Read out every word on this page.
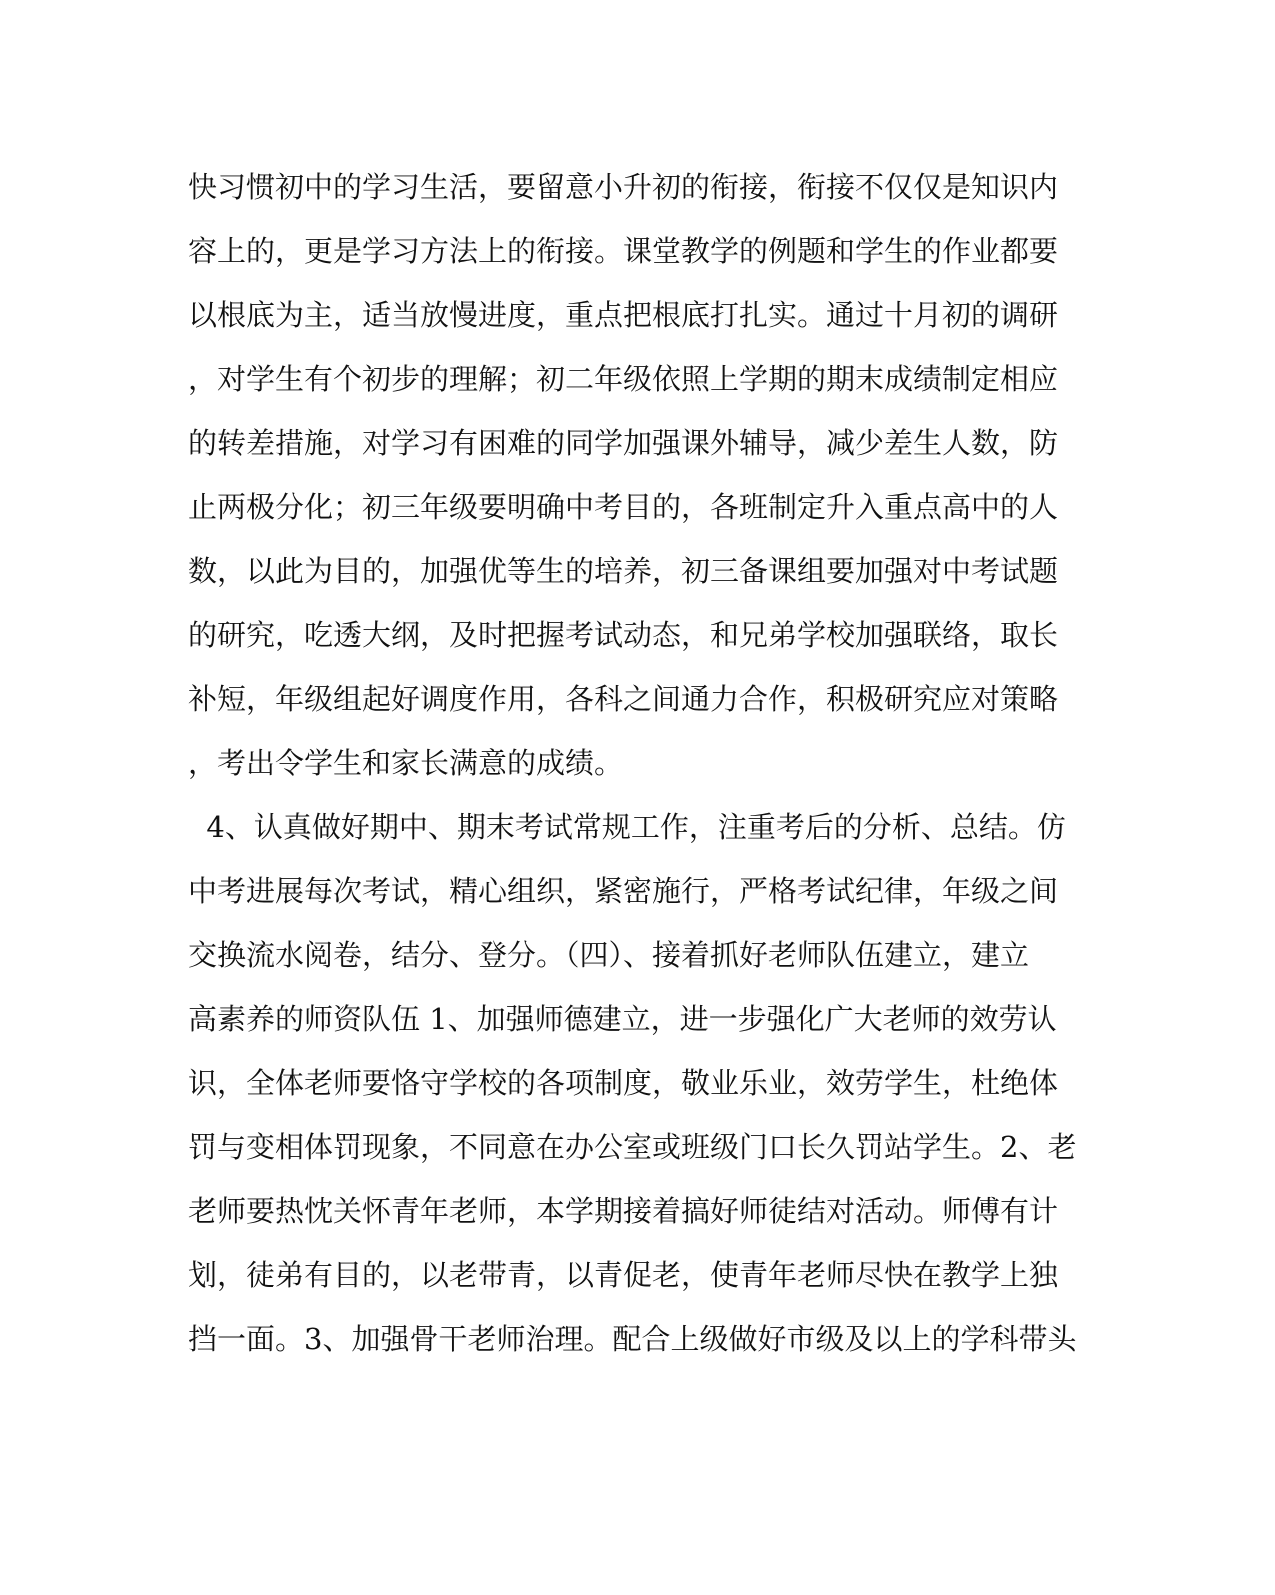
快习惯初中的学习生活，要留意小升初的衔接，衔接不仅仅是知识内
容上的，更是学习方法上的衔接。课堂教学的例题和学生的作业都要
以根底为主，适当放慢进度，重点把根底打扎实。通过十月初的调研
，对学生有个初步的理解；初二年级依照上学期的期末成绩制定相应
的转差措施，对学习有困难的同学加强课外辅导，减少差生人数，防
止两极分化；初三年级要明确中考目的，各班制定升入重点高中的人
数，以此为目的，加强优等生的培养，初三备课组要加强对中考试题
的研究，吃透大纲，及时把握考试动态，和兄弟学校加强联络，取长
补短，年级组起好调度作用，各科之间通力合作，积极研究应对策略
，考出令学生和家长满意的成绩。
4、认真做好期中、期末考试常规工作，注重考后的分析、总结。仿
中考进展每次考试，精心组织，紧密施行，严格考试纪律，年级之间
交换流水阅卷，结分、登分。（四）、接着抓好老师队伍建立，建立
高素养的师资队伍 1、加强师德建立，进一步强化广大老师的效劳认
识，全体老师要恪守学校的各项制度，敬业乐业，效劳学生，杜绝体
罚与变相体罚现象，不同意在办公室或班级门口长久罚站学生。2、老
老师要热忱关怀青年老师，本学期接着搞好师徒结对活动。师傅有计
划，徒弟有目的，以老带青，以青促老，使青年老师尽快在教学上独
挡一面。3、加强骨干老师治理。配合上级做好市级及以上的学科带头
